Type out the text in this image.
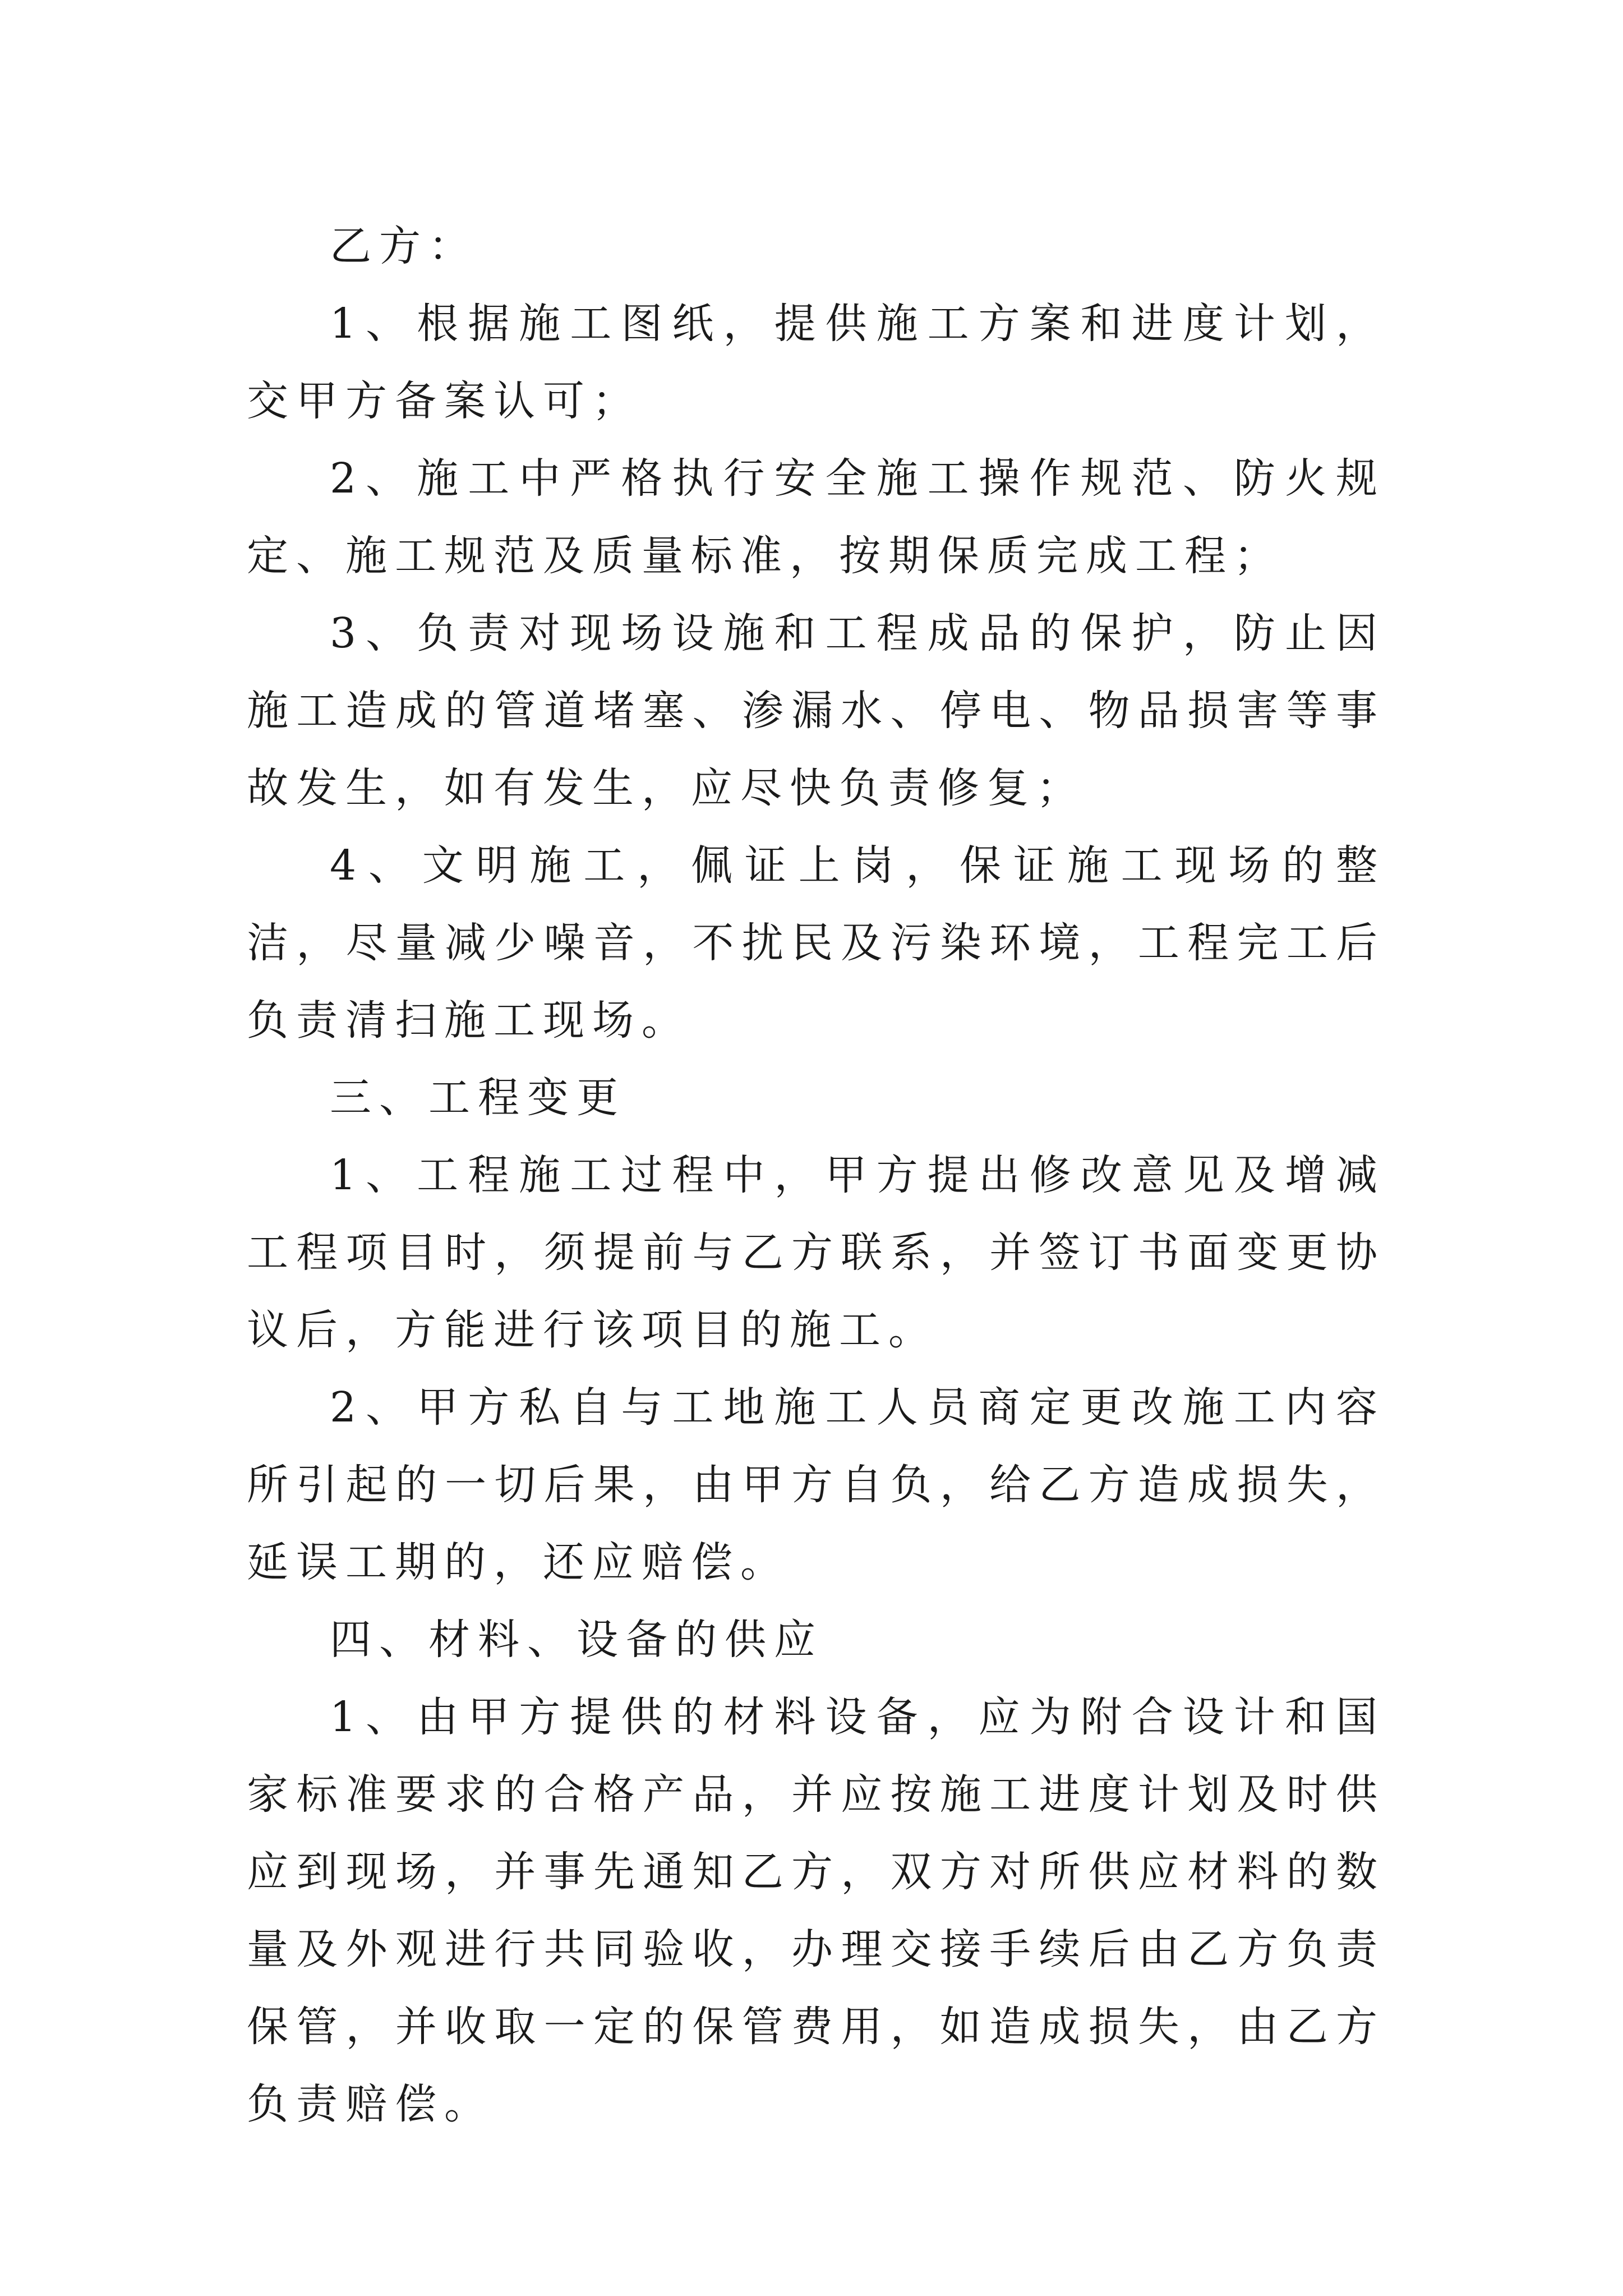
乙方：

1、根据施工图纸，提供施工方案和进度计划，交甲方备案认可；

2、施工中严格执行安全施工操作规范、防火规定、施工规范及质量标准，按期保质完成工程；

3、负责对现场设施和工程成品的保护，防止因施工造成的管道堵塞、渗漏水、停电、物品损害等事故发生，如有发生，应尽快负责修复；

4、文明施工，佩证上岗，保证施工现场的整洁，尽量减少噪音，不扰民及污染环境，工程完工后负责清扫施工现场。

三、工程变更

1、工程施工过程中，甲方提出修改意见及增减工程项目时，须提前与乙方联系，并签订书面变更协议后，方能进行该项目的施工。

2、甲方私自与工地施工人员商定更改施工内容所引起的一切后果，由甲方自负，给乙方造成损失，延误工期的，还应赔偿。

四、材料、设备的供应

1、由甲方提供的材料设备，应为附合设计和国家标准要求的合格产品，并应按施工进度计划及时供应到现场，并事先通知乙方，双方对所供应材料的数量及外观进行共同验收，办理交接手续后由乙方负责保管，并收取一定的保管费用，如造成损失，由乙方负责赔偿。
